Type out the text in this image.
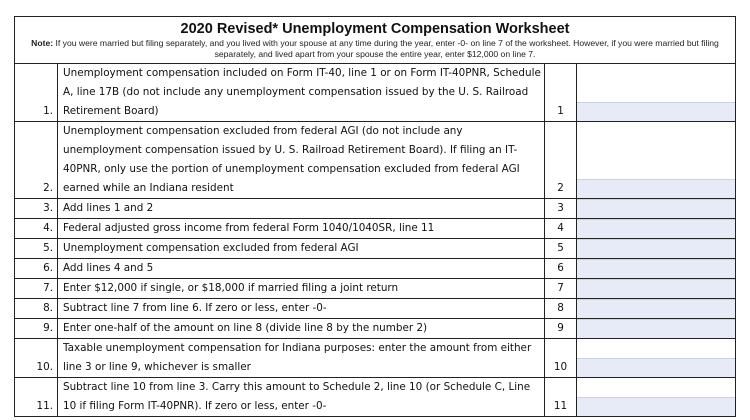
2020 Revised* Unemployment Compensation Worksheet
Note: If you were married but filing separately, and you lived with your spouse at any time during the year, enter -0- on line 7 of the worksheet. However, if you were married but filing separately, and lived apart from your spouse the entire year, enter $12,000 on line 7.
1.	Unemployment compensation included on Form IT-40, line 1 or on Form IT-40PNR, Schedule A, line 17B (do not include any unemployment compensation issued by the U. S. Railroad Retirement Board)	1	

2.	Unemployment compensation excluded from federal AGI (do not include any unemployment compensation issued by U. S. Railroad Retirement Board). If filing an IT-40PNR, only use the portion of unemployment compensation excluded from federal AGI earned while an Indiana resident	2	

3.	Add lines 1 and 2	3	

4.	Federal adjusted gross income from federal Form 1040/1040SR, line 11	4	

5.	Unemployment compensation excluded from federal AGI	5	

6.	Add lines 4 and 5	6	

7.	Enter $12,000 if single, or $18,000 if married filing a joint return	7	

8.	Subtract line 7 from line 6. If zero or less, enter -0-	8	

9.	Enter one-half of the amount on line 8 (divide line 8 by the number 2)	9	

10.	Taxable unemployment compensation for Indiana purposes: enter the amount from either line 3 or line 9, whichever is smaller	10	

11.	Subtract line 10 from line 3. Carry this amount to Schedule 2, line 10 (or Schedule C, Line 10 if filing Form IT-40PNR). If zero or less, enter -0-	11	
